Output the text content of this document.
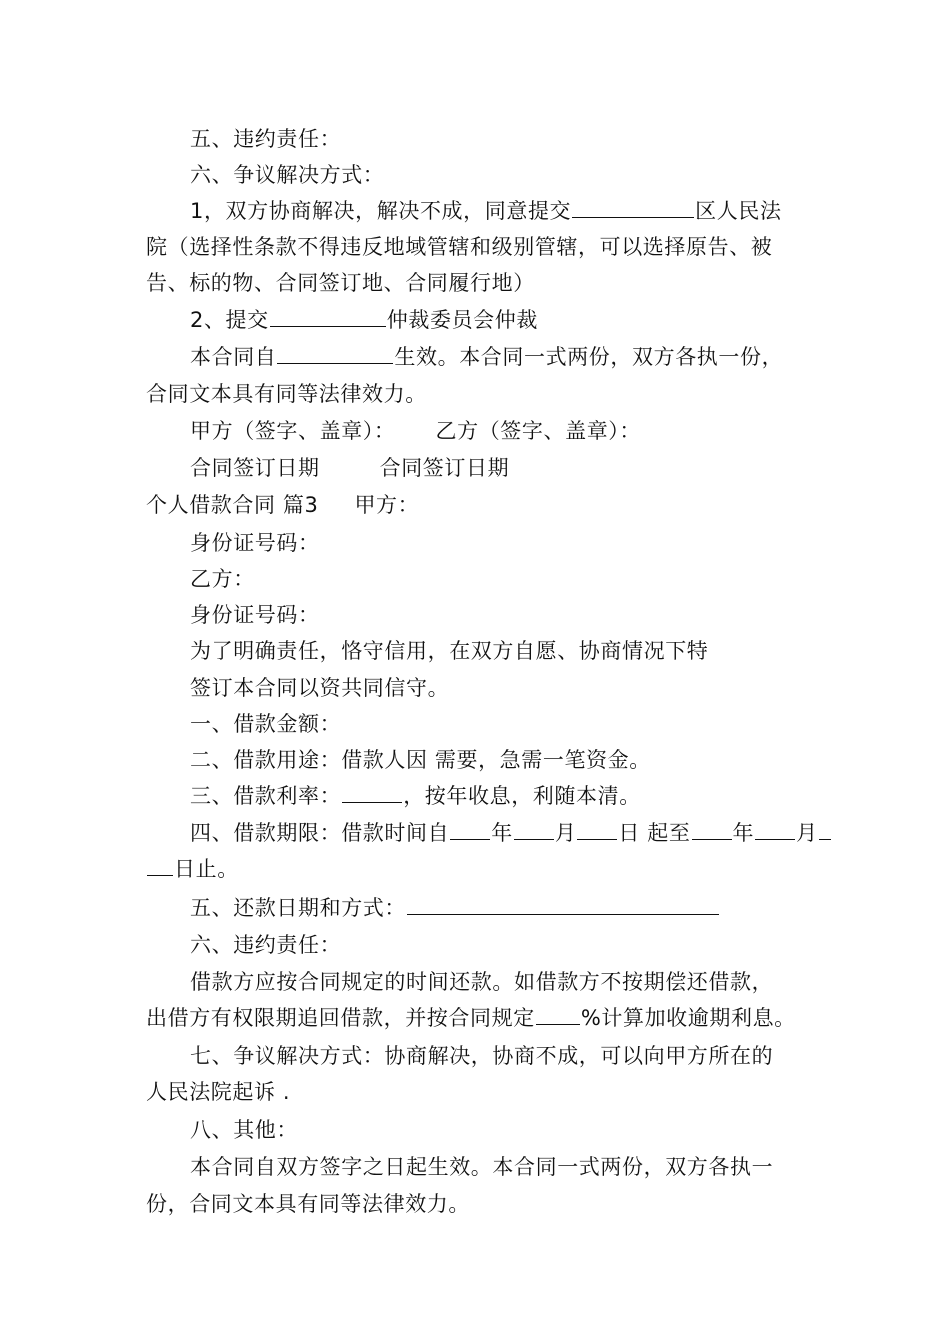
五、违约责任：
六、争议解决方式：
1，双方协商解决，解决不成，同意提交	区人民法
院（选择性条款不得违反地域管辖和级别管辖，可以选择原告、被
告、标的物、合同签订地、合同履行地）
2、提交	仲裁委员会仲裁
本合同自	生效。本合同一式两份，双方各执一份，
合同文本具有同等法律效力。
甲方（签字、盖章）： 乙方（签字、盖章）：
合同签订日期	合同签订日期
个人借款合同 篇3 甲方：
身份证号码：
乙方：
身份证号码：
为了明确责任，恪守信用，在双方自愿、协商情况下特
签订本合同以资共同信守。
一、借款金额：
二、借款用途：借款人因 需要，急需一笔资金。
三、借款利率：	，按年收息，利随本清。
四、借款期限：借款时间自 年 月 日 起至 年 月
日止。
五、还款日期和方式：
六、违约责任：
借款方应按合同规定的时间还款。如借款方不按期偿还借款，
出借方有权限期追回借款，并按合同规定 %计算加收逾期利息。
七、争议解决方式：协商解决，协商不成，可以向甲方所在的
人民法院起诉 .
八、其他：
本合同自双方签字之日起生效。本合同一式两份，双方各执一
份，合同文本具有同等法律效力。
